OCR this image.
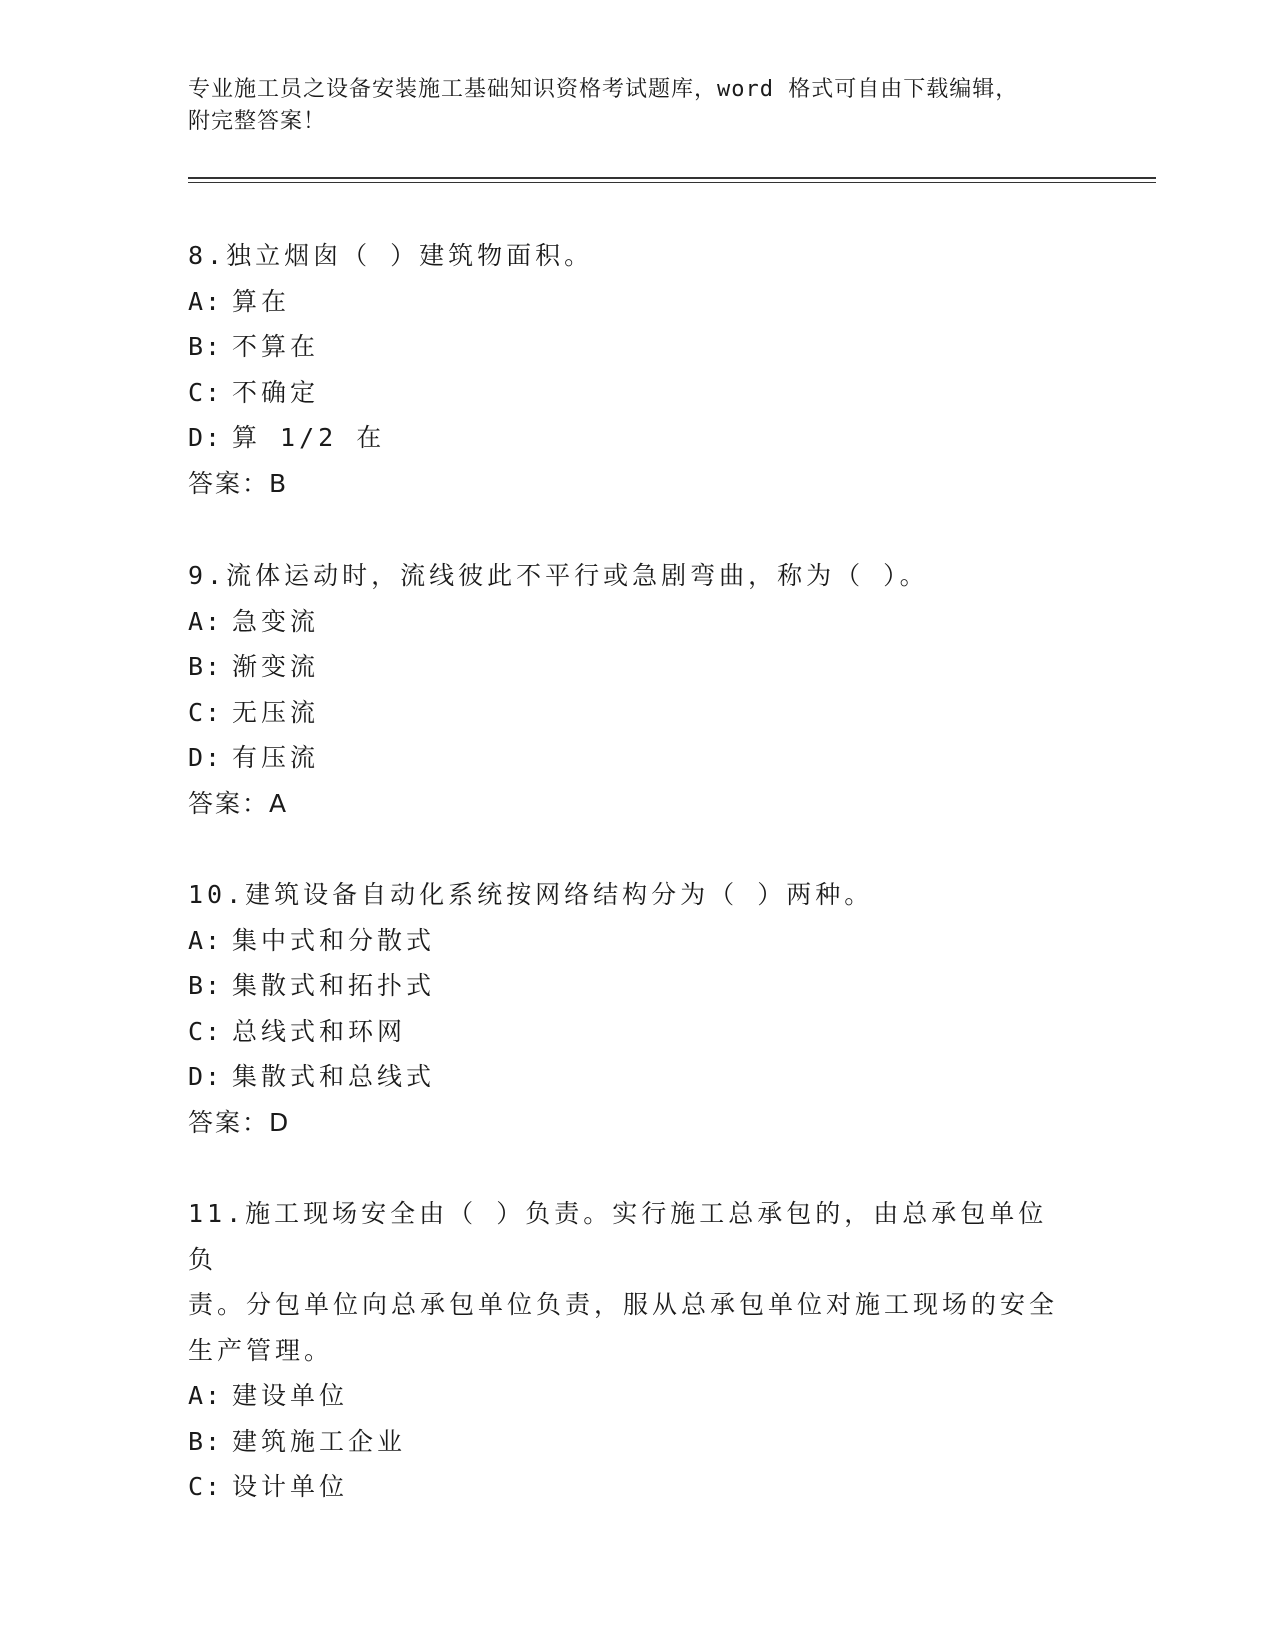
专业施工员之设备安装施工基础知识资格考试题库，word 格式可自由下载编辑，
附完整答案！

8.独立烟囱（ ）建筑物面积。

A: 算在

B: 不算在

C: 不确定

D: 算 1/2 在

答案：B

9.流体运动时，流线彼此不平行或急剧弯曲，称为（ ）。

A: 急变流

B: 渐变流

C: 无压流

D: 有压流

答案：A

10.建筑设备自动化系统按网络结构分为（ ）两种。

A: 集中式和分散式

B: 集散式和拓扑式

C: 总线式和环网

D: 集散式和总线式

答案：D

11.施工现场安全由（ ）负责。实行施工总承包的，由总承包单位负

责。分包单位向总承包单位负责，服从总承包单位对施工现场的安全

生产管理。

A: 建设单位

B: 建筑施工企业

C: 设计单位
